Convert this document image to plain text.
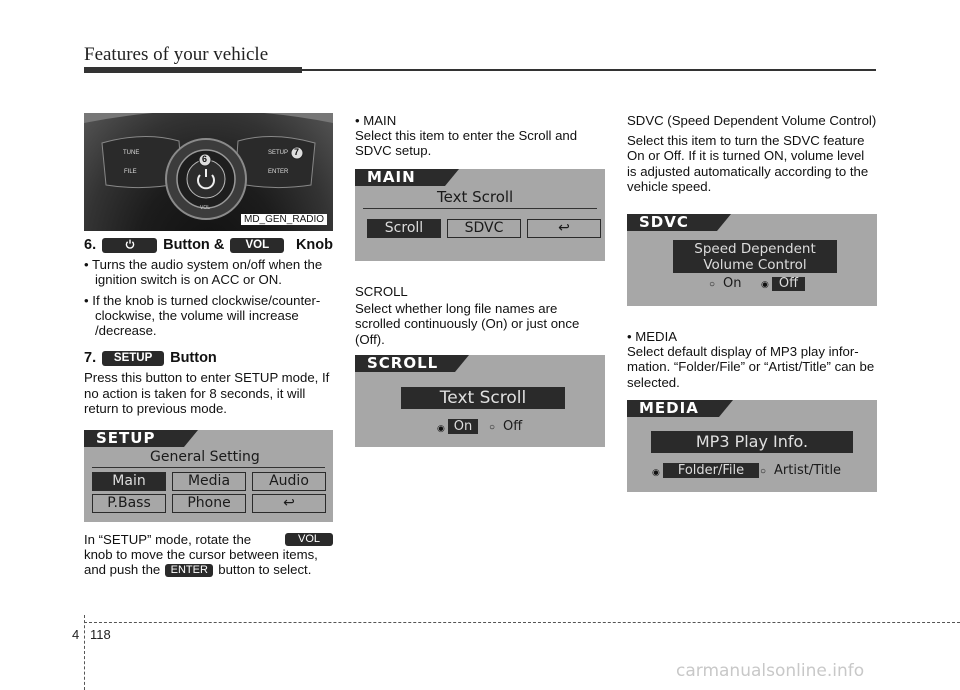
Features of your vehicle
TUNE
FILE
SETUP
ENTER
VOL
6
7
MD_GEN_RADIO
6.	Button &	VOL	Knob

• Turns the audio system on/off when the ignition switch is on ACC or ON.

• If the knob is turned clockwise/counter-clockwise, the volume will increase /decrease.

7.	SETUP	Button

Press this button to enter SETUP mode, If no action is taken for 8 seconds, it will return to previous mode.

SETUP
General Setting
Main	Media	Audio
P.Bass	Phone	↩
In “SETUP” mode, rotate the	VOL
knob to move the cursor between items,
and push the ENTER button to select.

• MAIN

Select this item to enter the Scroll and SDVC setup.

MAIN
Text Scroll
Scroll	SDVC	↩

SCROLL

Select whether long file names are scrolled continuously (On) or just once (Off).

SCROLL
Text Scroll
◉ On	○ Off

SDVC (Speed Dependent Volume Control)

Select this item to turn the SDVC feature On or Off. If it is turned ON, volume level is adjusted automatically according to the vehicle speed.

SDVC
Speed Dependent
Volume Control
○ On ◉ Off

• MEDIA

Select default display of MP3 play infor-mation. “Folder/File” or “Artist/Title” can be selected.

MEDIA
MP3 Play Info.
◉	Folder/File	○ Artist/Title
4 118
carmanualsonline.info
